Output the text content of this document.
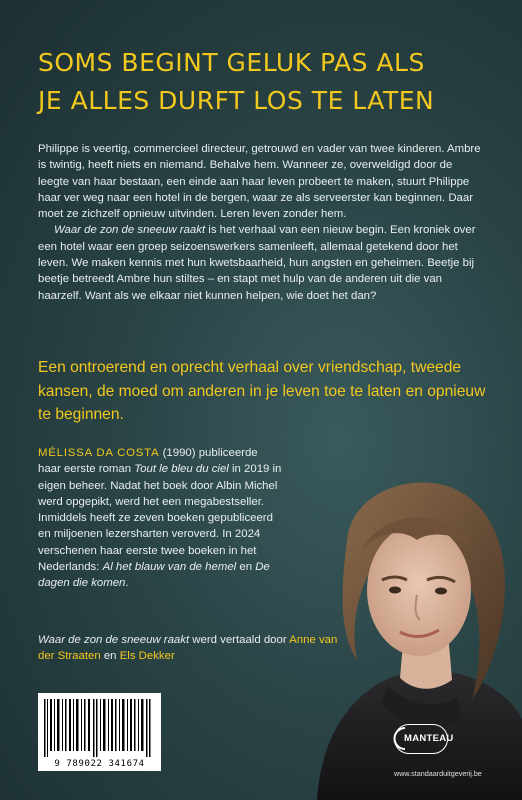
SOMS BEGINT GELUK PAS ALS
JE ALLES DURFT LOS TE LATEN

Philippe is veertig, commercieel directeur, getrouwd en vader van twee kinderen. Ambre is twintig, heeft niets en niemand. Behalve hem. Wanneer ze, overweldigd door de leegte van haar bestaan, een einde aan haar leven probeert te maken, stuurt Philippe haar ver weg naar een hotel in de bergen, waar ze als serveerster kan beginnen. Daar moet ze zichzelf opnieuw uitvinden. Leren leven zonder hem.

Waar de zon de sneeuw raakt is het verhaal van een nieuw begin. Een kroniek over een hotel waar een groep seizoenswerkers samenleeft, allemaal getekend door het leven. We maken kennis met hun kwetsbaarheid, hun angsten en geheimen. Beetje bij beetje betreedt Ambre hun stiltes – en stapt met hulp van de anderen uit die van haarzelf. Want als we elkaar niet kunnen helpen, wie doet het dan?

Een ontroerend en oprecht verhaal over vriendschap, tweede kansen, de moed om anderen in je leven toe te laten en opnieuw te beginnen.
MÉLISSA DA COSTA (1990) publiceerde haar eerste roman Tout le bleu du ciel in 2019 in eigen beheer. Nadat het boek door Albin Michel werd opgepikt, werd het een megabestseller. Inmiddels heeft ze zeven boeken gepubliceerd en miljoenen lezersharten veroverd. In 2024 verschenen haar eerste twee boeken in het Nederlands: Al het blauw van de hemel en De dagen die komen.
Waar de zon de sneeuw raakt werd vertaald door Anne van der Straaten en Els Dekker
9 789022 341674
MANTEAU
www.standaarduitgeverij.be
